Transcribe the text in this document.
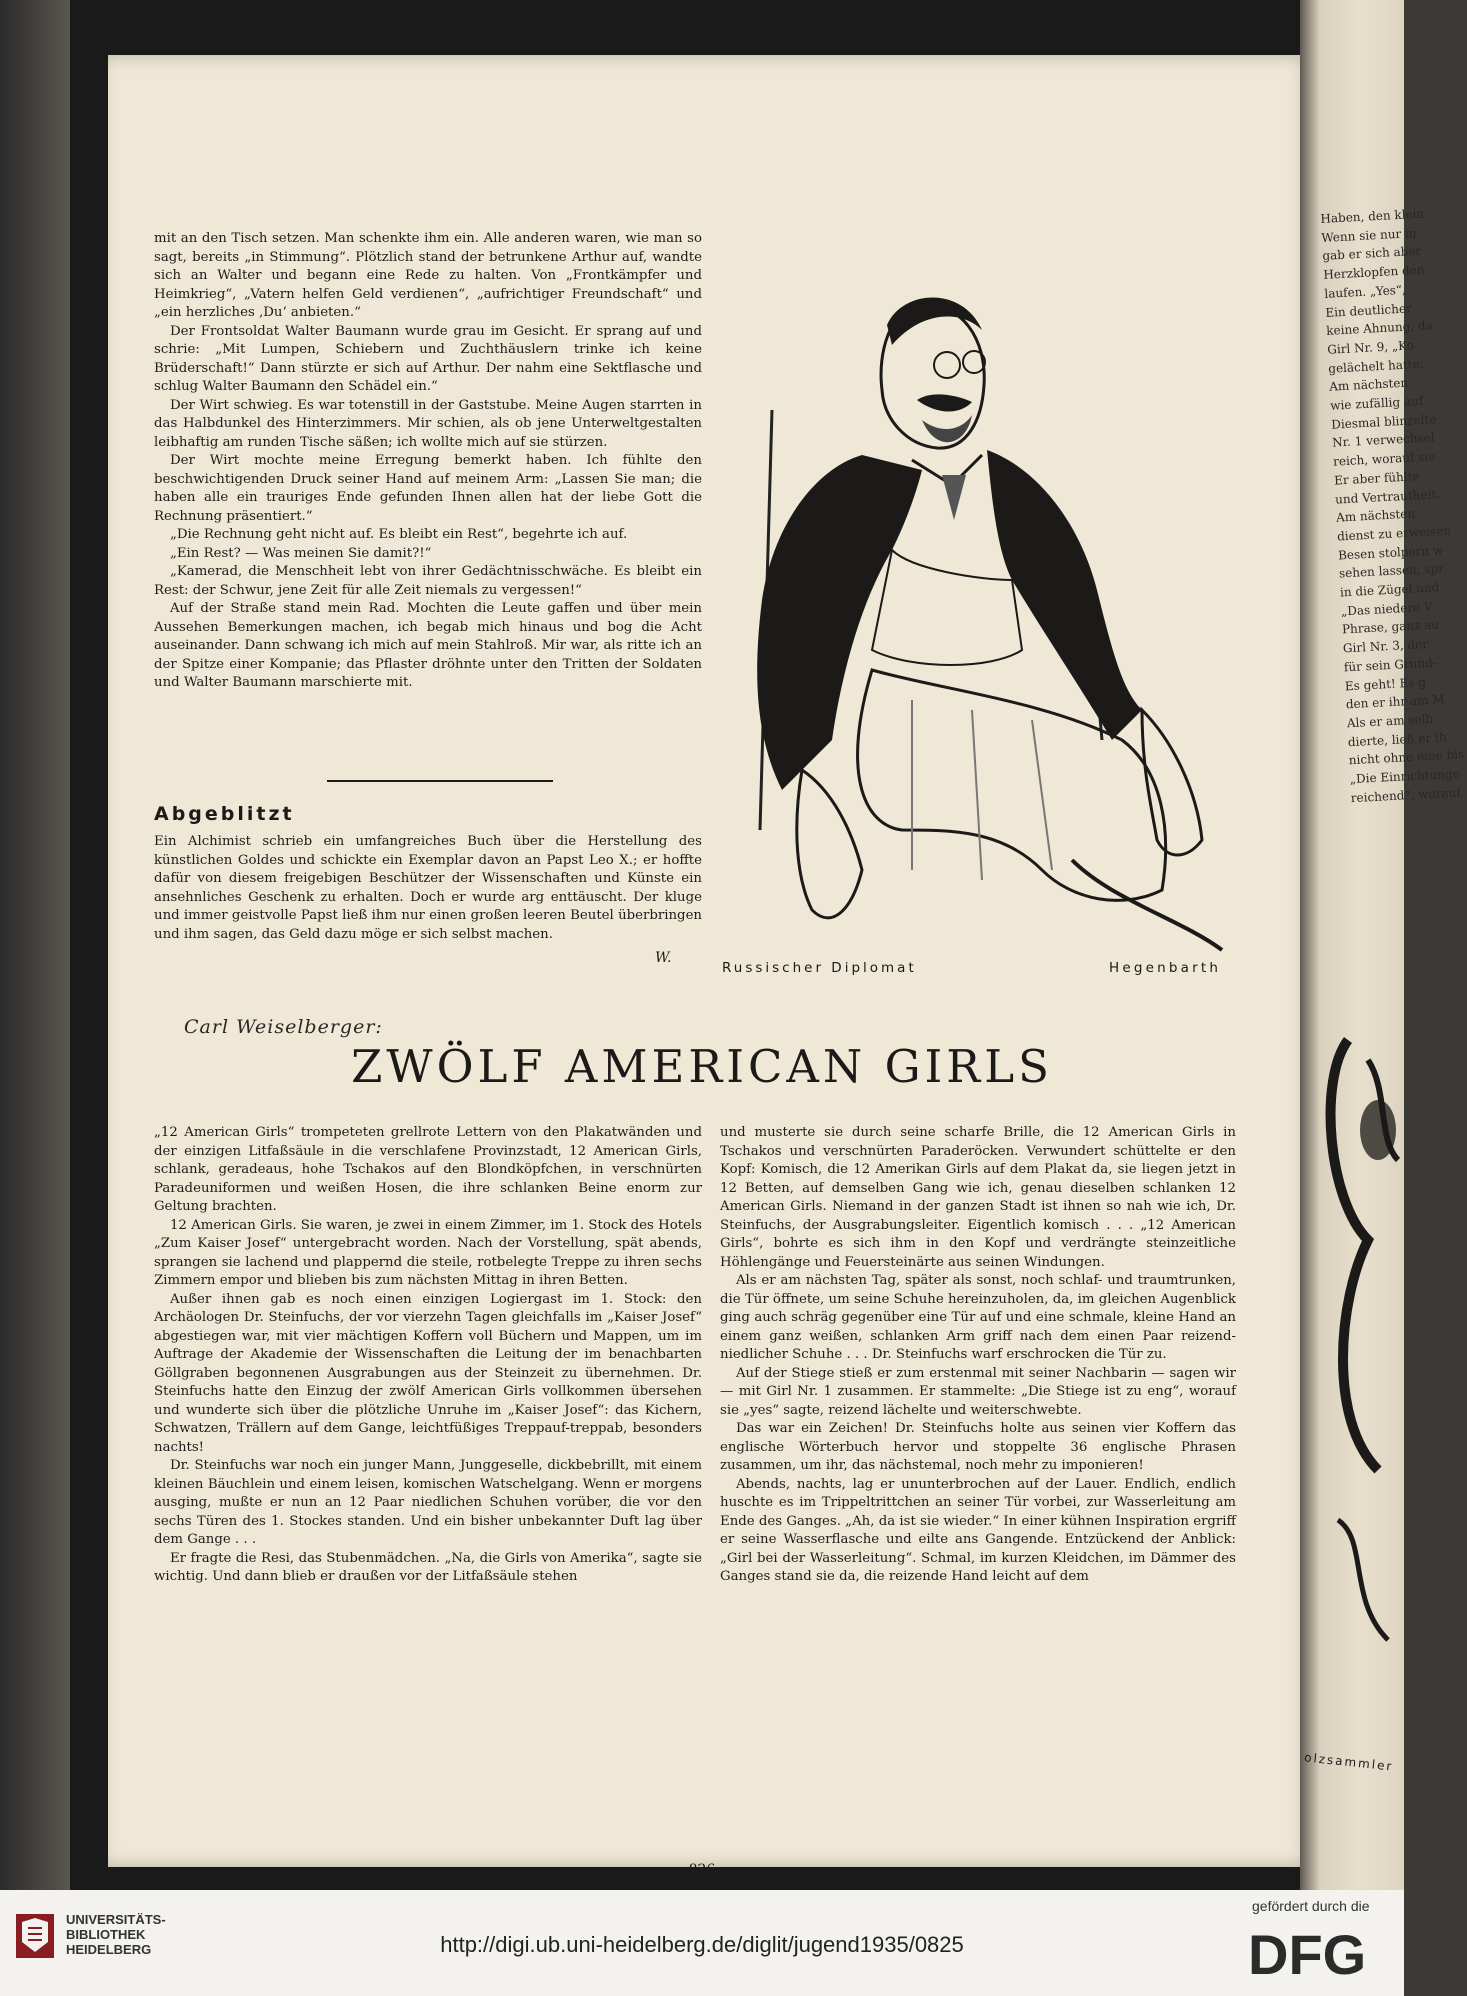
Haben, den klein
Wenn sie nur m
gab er sich aber
Herzklopfen den
laufen. „Yes“,
Ein deutlicher
keine Ahnung, da
Girl Nr. 9, „Ko
gelächelt hatte.
Am nächsten
wie zufällig auf
Diesmal blinzelte
Nr. 1 verwechsel
reich, worauf sie
Er aber fühlte
und Vertrautheit.
Am nächsten
dienst zu erweisen
Besen stolpern w
sehen lassen, spr
in die Zügel und
„Das niedere V
Phrase, ganz au
Girl Nr. 3, der
für sein Grund-
Es geht! Es g
den er ihr am M
Als er am selb
dierte, ließ er ih
nicht ohne eine bis
„Die Einrichtunge
reichend“, worauf
olzsammler

mit an den Tisch setzen. Man schenkte ihm ein. Alle anderen waren, wie man so sagt, bereits „in Stimmung“. Plötzlich stand der betrunkene Arthur auf, wandte sich an Walter und begann eine Rede zu halten. Von „Frontkämpfer und Heimkrieg“, „Vatern helfen Geld verdienen“, „aufrichtiger Freundschaft“ und „ein herzliches ‚Du‘ anbieten.“

Der Frontsoldat Walter Baumann wurde grau im Gesicht. Er sprang auf und schrie: „Mit Lumpen, Schiebern und Zuchthäuslern trinke ich keine Brüderschaft!“ Dann stürzte er sich auf Arthur. Der nahm eine Sektflasche und schlug Walter Baumann den Schädel ein.“

Der Wirt schwieg. Es war totenstill in der Gaststube. Meine Augen starrten in das Halbdunkel des Hinterzimmers. Mir schien, als ob jene Unterweltgestalten leibhaftig am runden Tische säßen; ich wollte mich auf sie stürzen.

Der Wirt mochte meine Erregung bemerkt haben. Ich fühlte den beschwichtigenden Druck seiner Hand auf meinem Arm: „Lassen Sie man; die haben alle ein trauriges Ende gefunden Ihnen allen hat der liebe Gott die Rechnung präsentiert.“

„Die Rechnung geht nicht auf. Es bleibt ein Rest“, begehrte ich auf.

„Ein Rest? — Was meinen Sie damit?!“

„Kamerad, die Menschheit lebt von ihrer Gedächtnisschwäche. Es bleibt ein Rest: der Schwur, jene Zeit für alle Zeit niemals zu vergessen!“

Auf der Straße stand mein Rad. Mochten die Leute gaffen und über mein Aussehen Bemerkungen machen, ich begab mich hinaus und bog die Acht auseinander. Dann schwang ich mich auf mein Stahlroß. Mir war, als ritte ich an der Spitze einer Kompanie; das Pflaster dröhnte unter den Tritten der Soldaten und Walter Baumann marschierte mit.

Abgeblitzt

Ein Alchimist schrieb ein umfangreiches Buch über die Herstellung des künstlichen Goldes und schickte ein Exemplar davon an Papst Leo X.; er hoffte dafür von diesem freigebigen Beschützer der Wissenschaften und Künste ein ansehnliches Geschenk zu erhalten. Doch er wurde arg enttäuscht. Der kluge und immer geistvolle Papst ließ ihm nur einen großen leeren Beutel überbringen und ihm sagen, das Geld dazu möge er sich selbst machen.

W.
Russischer Diplomat	Hegenbarth
Carl Weiselberger:
ZWÖLF AMERICAN GIRLS

„12 American Girls“ trompeteten grellrote Lettern von den Plakatwänden und der einzigen Litfaßsäule in die verschlafene Provinzstadt, 12 American Girls, schlank, geradeaus, hohe Tschakos auf den Blondköpfchen, in verschnürten Paradeuniformen und weißen Hosen, die ihre schlanken Beine enorm zur Geltung brachten.

12 American Girls. Sie waren, je zwei in einem Zimmer, im 1. Stock des Hotels „Zum Kaiser Josef“ untergebracht worden. Nach der Vorstellung, spät abends, sprangen sie lachend und plappernd die steile, rotbelegte Treppe zu ihren sechs Zimmern empor und blieben bis zum nächsten Mittag in ihren Betten.

Außer ihnen gab es noch einen einzigen Logiergast im 1. Stock: den Archäologen Dr. Steinfuchs, der vor vierzehn Tagen gleichfalls im „Kaiser Josef“ abgestiegen war, mit vier mächtigen Koffern voll Büchern und Mappen, um im Auftrage der Akademie der Wissenschaften die Leitung der im benachbarten Göllgraben begonnenen Ausgrabungen aus der Steinzeit zu übernehmen. Dr. Steinfuchs hatte den Einzug der zwölf American Girls vollkommen übersehen und wunderte sich über die plötzliche Unruhe im „Kaiser Josef“: das Kichern, Schwatzen, Trällern auf dem Gange, leichtfüßiges Treppauf-treppab, besonders nachts!

Dr. Steinfuchs war noch ein junger Mann, Junggeselle, dickbebrillt, mit einem kleinen Bäuchlein und einem leisen, komischen Watschelgang. Wenn er morgens ausging, mußte er nun an 12 Paar niedlichen Schuhen vorüber, die vor den sechs Türen des 1. Stockes standen. Und ein bisher unbekannter Duft lag über dem Gange . . .

Er fragte die Resi, das Stubenmädchen. „Na, die Girls von Amerika“, sagte sie wichtig. Und dann blieb er draußen vor der Litfaßsäule stehen

und musterte sie durch seine scharfe Brille, die 12 American Girls in Tschakos und verschnürten Paraderöcken. Verwundert schüttelte er den Kopf: Komisch, die 12 Amerikan Girls auf dem Plakat da, sie liegen jetzt in 12 Betten, auf demselben Gang wie ich, genau dieselben schlanken 12 American Girls. Niemand in der ganzen Stadt ist ihnen so nah wie ich, Dr. Steinfuchs, der Ausgrabungsleiter. Eigentlich komisch . . . „12 American Girls“, bohrte es sich ihm in den Kopf und verdrängte steinzeitliche Höhlengänge und Feuersteinärte aus seinen Windungen.

Als er am nächsten Tag, später als sonst, noch schlaf- und traumtrunken, die Tür öffnete, um seine Schuhe hereinzuholen, da, im gleichen Augenblick ging auch schräg gegenüber eine Tür auf und eine schmale, kleine Hand an einem ganz weißen, schlanken Arm griff nach dem einen Paar reizend-niedlicher Schuhe . . . Dr. Steinfuchs warf erschrocken die Tür zu.

Auf der Stiege stieß er zum erstenmal mit seiner Nachbarin — sagen wir — mit Girl Nr. 1 zusammen. Er stammelte: „Die Stiege ist zu eng“, worauf sie „yes“ sagte, reizend lächelte und weiterschwebte.

Das war ein Zeichen! Dr. Steinfuchs holte aus seinen vier Koffern das englische Wörterbuch hervor und stoppelte 36 englische Phrasen zusammen, um ihr, das nächstemal, noch mehr zu imponieren!

Abends, nachts, lag er ununterbrochen auf der Lauer. Endlich, endlich huschte es im Trippeltrittchen an seiner Tür vorbei, zur Wasserleitung am Ende des Ganges. „Ah, da ist sie wieder.“ In einer kühnen Inspiration ergriff er seine Wasserflasche und eilte ans Gangende. Entzückend der Anblick: „Girl bei der Wasserleitung“. Schmal, im kurzen Kleidchen, im Dämmer des Ganges stand sie da, die reizende Hand leicht auf dem

826
UNIVERSITÄTS-
BIBLIOTHEK
HEIDELBERG	http://digi.ub.uni-heidelberg.de/diglit/jugend1935/0825
gefördert durch die
DFG
